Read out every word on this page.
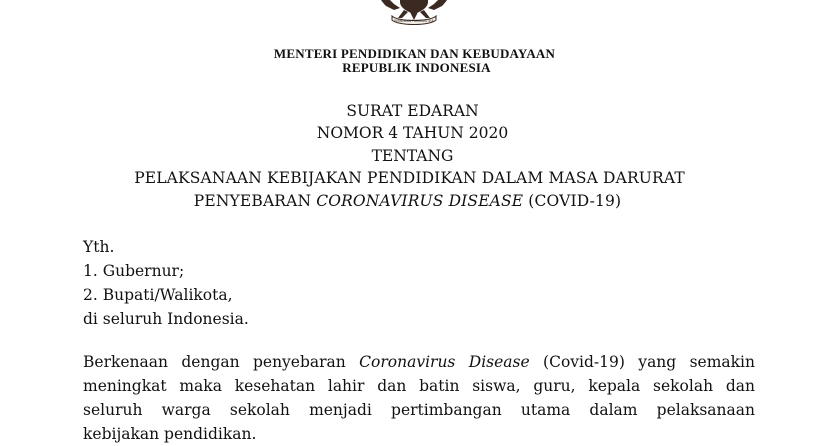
BHINNEKA TUNGGAL IKA
MENTERI PENDIDIKAN DAN KEBUDAYAAN
REPUBLIK INDONESIA
SURAT EDARAN
NOMOR 4 TAHUN 2020
TENTANG
PELAKSANAAN KEBIJAKAN PENDIDIKAN DALAM MASA DARURAT
PENYEBARAN CORONAVIRUS DISEASE (COVID-19)
Yth.
1. Gubernur;
2. Bupati/Walikota,
di seluruh Indonesia.
Berkenaan dengan penyebaran Coronavirus Disease (Covid-19) yang semakin
meningkat maka kesehatan lahir dan batin siswa, guru, kepala sekolah dan
seluruh warga sekolah menjadi pertimbangan utama dalam pelaksanaan
kebijakan pendidikan.
